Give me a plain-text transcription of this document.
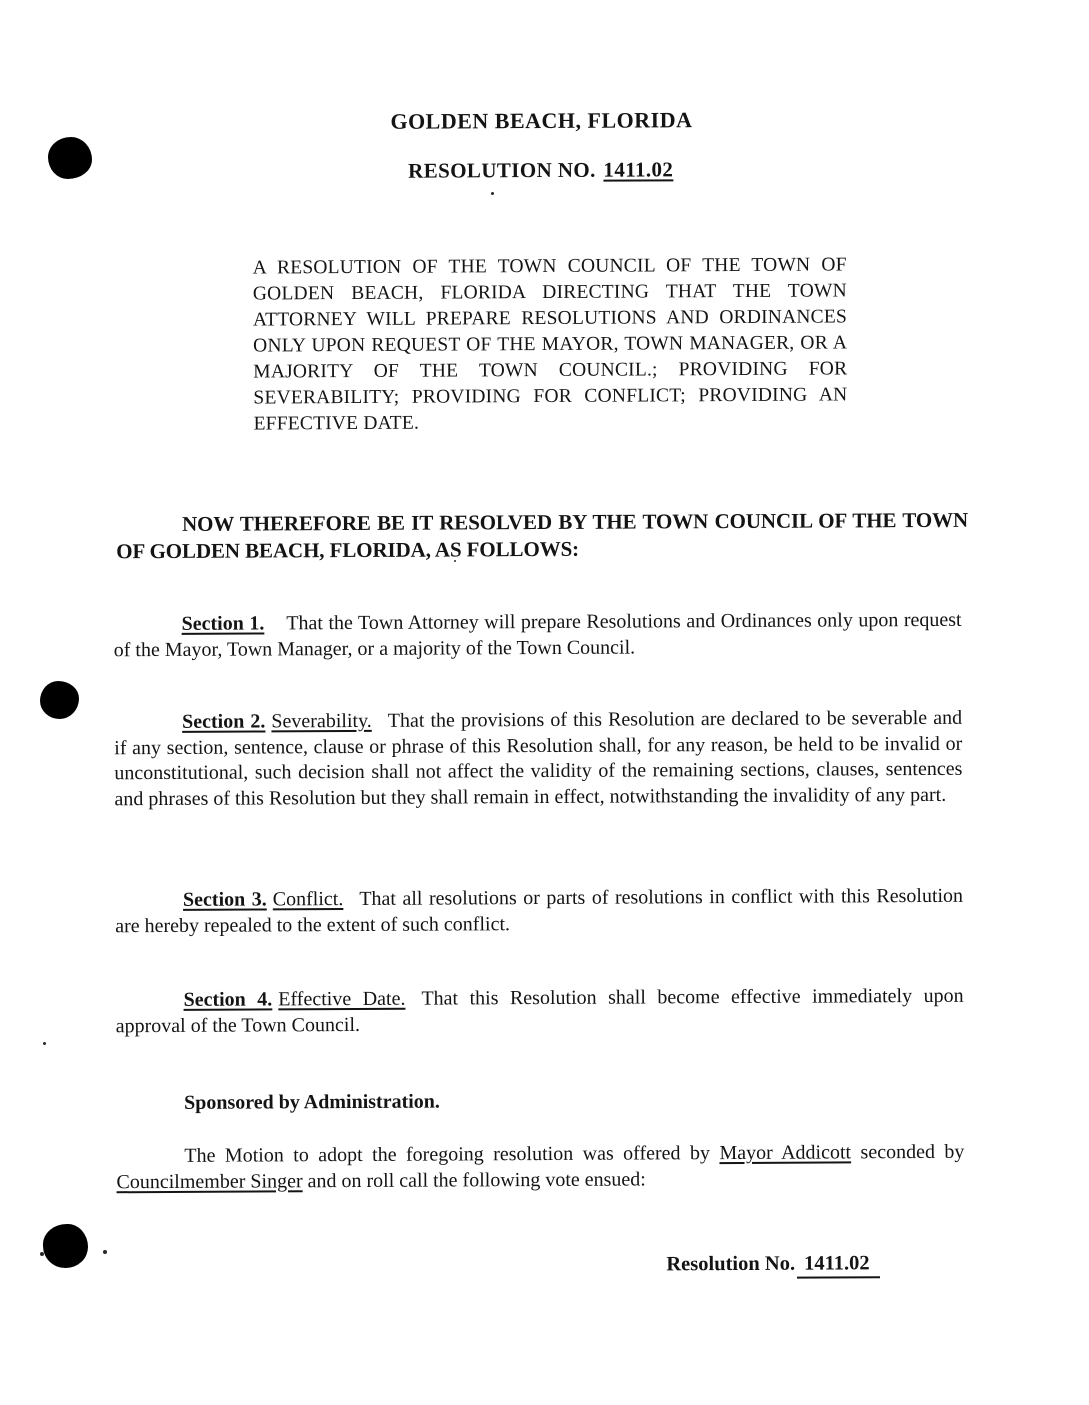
GOLDEN BEACH, FLORIDA
RESOLUTION NO. 1411.02

A RESOLUTION OF THE TOWN COUNCIL OF THE TOWN OF GOLDEN BEACH, FLORIDA DIRECTING THAT THE TOWN ATTORNEY WILL PREPARE RESOLUTIONS AND ORDINANCES ONLY UPON REQUEST OF THE MAYOR, TOWN MANAGER, OR A MAJORITY OF THE TOWN COUNCIL.; PROVIDING FOR SEVERABILITY; PROVIDING FOR CONFLICT; PROVIDING AN EFFECTIVE DATE.

NOW THEREFORE BE IT RESOLVED BY THE TOWN COUNCIL OF THE TOWN OF GOLDEN BEACH, FLORIDA, AS FOLLOWS:

Section 1. That the Town Attorney will prepare Resolutions and Ordinances only upon request of the Mayor, Town Manager, or a majority of the Town Council.

Section 2. Severability. That the provisions of this Resolution are declared to be severable and if any section, sentence, clause or phrase of this Resolution shall, for any reason, be held to be invalid or unconstitutional, such decision shall not affect the validity of the remaining sections, clauses, sentences and phrases of this Resolution but they shall remain in effect, notwithstanding the invalidity of any part.

Section 3. Conflict. That all resolutions or parts of resolutions in conflict with this Resolution are hereby repealed to the extent of such conflict.

Section 4. Effective Date. That this Resolution shall become effective immediately upon approval of the Town Council.

Sponsored by Administration.

The Motion to adopt the foregoing resolution was offered by Mayor Addicott seconded by Councilmember Singer and on roll call the following vote ensued:

Resolution No. 1411.02
